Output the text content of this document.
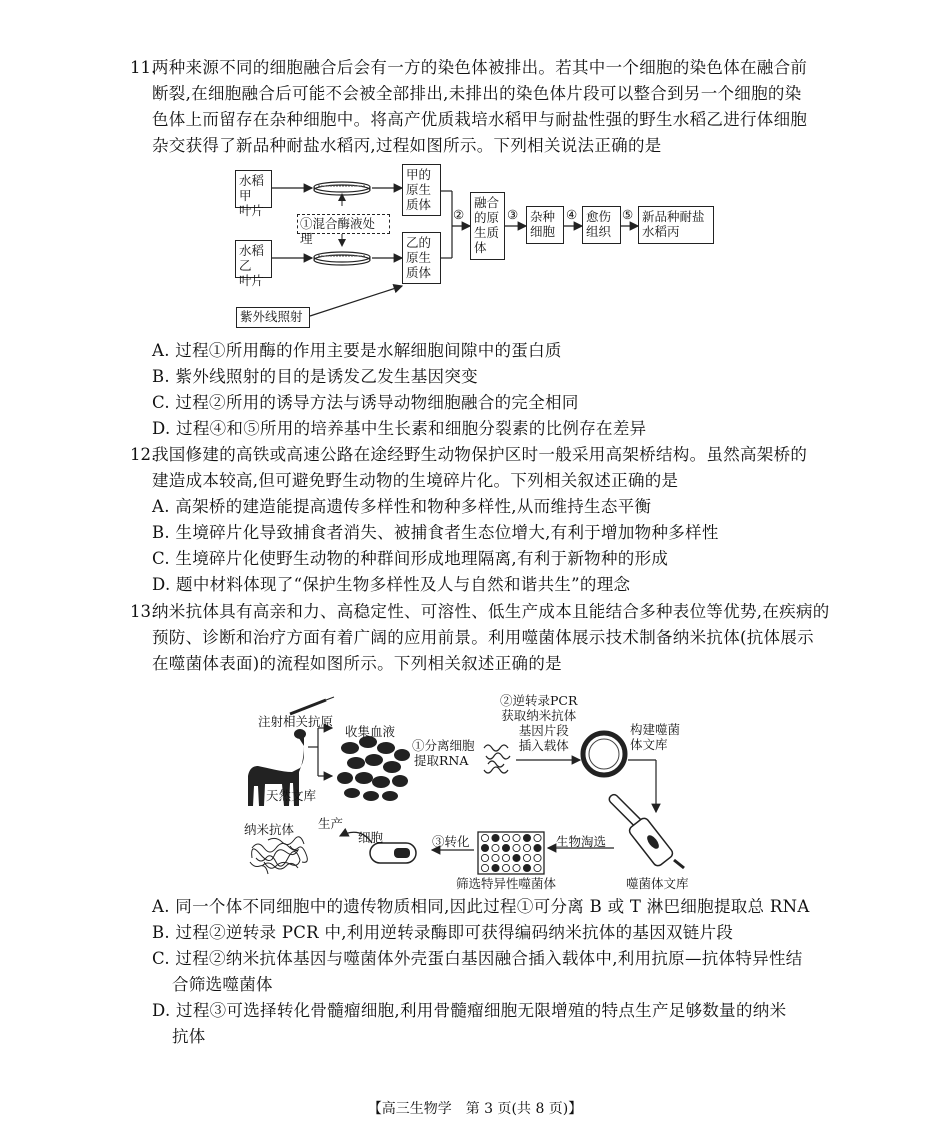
11.
两种来源不同的细胞融合后会有一方的染色体被排出。若其中一个细胞的染色体在融合前
断裂,在细胞融合后可能不会被全部排出,未排出的染色体片段可以整合到另一个细胞的染
色体上而留存在杂种细胞中。将高产优质栽培水稻甲与耐盐性强的野生水稻乙进行体细胞
杂交获得了新品种耐盐水稻丙,过程如图所示。下列相关说法正确的是
水稻甲
叶片
水稻乙
叶片
①混合酶液处理
甲的
原生
质体
乙的
原生
质体
紫外线照射
②
融合
的原
生质
体
③ 杂种
细胞
④ 愈伤
组织
⑤ 新品种耐盐
水稻丙
A. 过程①所用酶的作用主要是水解细胞间隙中的蛋白质
B. 紫外线照射的目的是诱发乙发生基因突变
C. 过程②所用的诱导方法与诱导动物细胞融合的完全相同
D. 过程④和⑤所用的培养基中生长素和细胞分裂素的比例存在差异
12.
我国修建的高铁或高速公路在途经野生动物保护区时一般采用高架桥结构。虽然高架桥的
建造成本较高,但可避免野生动物的生境碎片化。下列相关叙述正确的是
A. 高架桥的建造能提高遗传多样性和物种多样性,从而维持生态平衡
B. 生境碎片化导致捕食者消失、被捕食者生态位增大,有利于增加物种多样性
C. 生境碎片化使野生动物的种群间形成地理隔离,有利于新物种的形成
D. 题中材料体现了“保护生物多样性及人与自然和谐共生”的理念
13.
纳米抗体具有高亲和力、高稳定性、可溶性、低生产成本且能结合多种表位等优势,在疾病的
预防、诊断和治疗方面有着广阔的应用前景。利用噬菌体展示技术制备纳米抗体(抗体展示
在噬菌体表面)的流程如图所示。下列相关叙述正确的是
注射相关抗原
收集血液
①分离细胞
提取RNA
②逆转录PCR
获取纳米抗体
基因片段
插入载体
构建噬菌
体文库
天然文库
纳米抗体 生产
细胞	③转化
筛选特异性噬菌体
生物淘选
噬菌体文库
A. 同一个体不同细胞中的遗传物质相同,因此过程①可分离 B 或 T 淋巴细胞提取总 RNA
B. 过程②逆转录 PCR 中,利用逆转录酶即可获得编码纳米抗体的基因双链片段
C. 过程②纳米抗体基因与噬菌体外壳蛋白基因融合插入载体中,利用抗原—抗体特异性结
合筛选噬菌体
D. 过程③可选择转化骨髓瘤细胞,利用骨髓瘤细胞无限增殖的特点生产足够数量的纳米
抗体
【高三生物学　第 3 页(共 8 页)】
